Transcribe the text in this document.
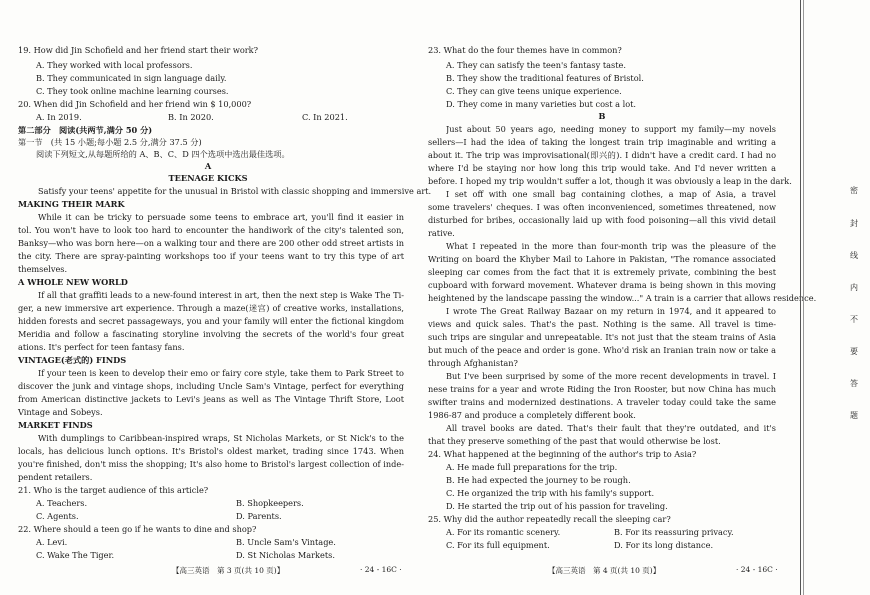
19. How did Jin Schofield and her friend start their work?
A. They worked with local professors.
B. They communicated in sign language daily.
C. They took online machine learning courses.
20. When did Jin Schofield and her friend win $ 10,000?
A. In 2019.	B. In 2020.	C. In 2021.
第二部分　阅读(共两节,满分 50 分)
第一节　(共 15 小题;每小题 2.5 分,满分 37.5 分)
阅读下列短文,从每题所给的 A、B、C、D 四个选项中选出最佳选项。
A
TEENAGE KICKS
Satisfy your teens' appetite for the unusual in Bristol with classic shopping and immersive art.
MAKING THEIR MARK
While it can be tricky to persuade some teens to embrace art, you'll find it easier in
tol. You won't have to look too hard to encounter the handiwork of the city's talented son,
Banksy—who was born here—on a walking tour and there are 200 other odd street artists in
the city. There are spray-painting workshops too if your teens want to try this type of art
themselves.
A WHOLE NEW WORLD
If all that graffiti leads to a new-found interest in art, then the next step is Wake The Ti-
ger, a new immersive art experience. Through a maze(迷宫) of creative works, installations,
hidden forests and secret passageways, you and your family will enter the fictional kingdom
Meridia and follow a fascinating storyline involving the secrets of the world's four great
ations. It's perfect for teen fantasy fans.
VINTAGE(老式的) FINDS
If your teen is keen to develop their emo or fairy core style, take them to Park Street to
discover the junk and vintage shops, including Uncle Sam's Vintage, perfect for everything
from American distinctive jackets to Levi's jeans as well as The Vintage Thrift Store, Loot
Vintage and Sobeys.
MARKET FINDS
With dumplings to Caribbean-inspired wraps, St Nicholas Markets, or St Nick's to the
locals, has delicious lunch options. It's Bristol's oldest market, trading since 1743. When
you're finished, don't miss the shopping; It's also home to Bristol's largest collection of inde-
pendent retailers.
21. Who is the target audience of this article?
A. Teachers.	B. Shopkeepers.
C. Agents.	D. Parents.
22. Where should a teen go if he wants to dine and shop?
A. Levi.	B. Uncle Sam's Vintage.
C. Wake The Tiger.	D. St Nicholas Markets.
23. What do the four themes have in common?
A. They can satisfy the teen's fantasy taste.
B. They show the traditional features of Bristol.
C. They can give teens unique experience.
D. They come in many varieties but cost a lot.
B
Just about 50 years ago, needing money to support my family—my novels
sellers—I had the idea of taking the longest train trip imaginable and writing a
about it. The trip was improvisational(即兴的). I didn't have a credit card. I had no
where I'd be staying nor how long this trip would take. And I'd never written a
before. I hoped my trip wouldn't suffer a lot, though it was obviously a leap in the dark.
I set off with one small bag containing clothes, a map of Asia, a travel
some travelers' cheques. I was often inconvenienced, sometimes threatened, now
disturbed for bribes, occasionally laid up with food poisoning—all this vivid detail
rative.
What I repeated in the more than four-month trip was the pleasure of the
Writing on board the Khyber Mail to Lahore in Pakistan, "The romance associated
sleeping car comes from the fact that it is extremely private, combining the best
cupboard with forward movement. Whatever drama is being shown in this moving
heightened by the landscape passing the window..." A train is a carrier that allows residence.
I wrote The Great Railway Bazaar on my return in 1974, and it appeared to
views and quick sales. That's the past. Nothing is the same. All travel is time-
such trips are singular and unrepeatable. It's not just that the steam trains of Asia
but much of the peace and order is gone. Who'd risk an Iranian train now or take a
through Afghanistan?
But I've been surprised by some of the more recent developments in travel. I
nese trains for a year and wrote Riding the Iron Rooster, but now China has much
swifter trains and modernized destinations. A traveler today could take the same
1986-87 and produce a completely different book.
All travel books are dated. That's their fault that they're outdated, and it's
that they preserve something of the past that would otherwise be lost.
24. What happened at the beginning of the author's trip to Asia?
A. He made full preparations for the trip.
B. He had expected the journey to be rough.
C. He organized the trip with his family's support.
D. He started the trip out of his passion for traveling.
25. Why did the author repeatedly recall the sleeping car?
A. For its romantic scenery.	B. For its reassuring privacy.
C. For its full equipment.	D. For its long distance.
密
封
线
内
不
要
答
题
【高三英语　第 3 页(共 10 页)】	· 24 - 16C ·	【高三英语　第 4 页(共 10 页)】	· 24 - 16C ·
